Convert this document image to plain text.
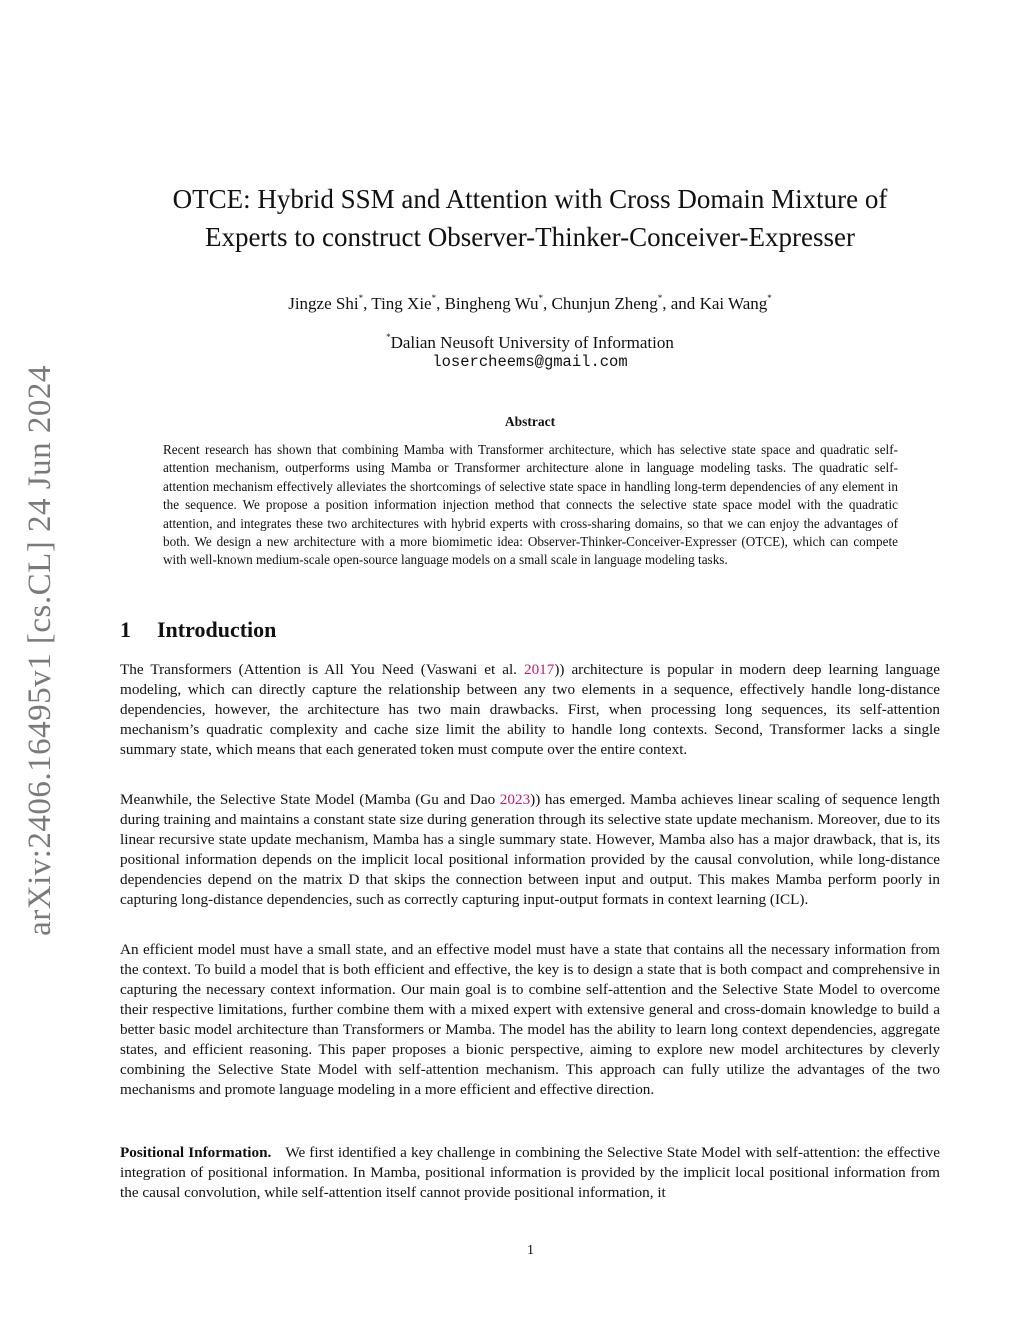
arXiv:2406.16495v1 [cs.CL] 24 Jun 2024
OTCE: Hybrid SSM and Attention with Cross Domain Mixture of
Experts to construct Observer-Thinker-Conceiver-Expresser
Jingze Shi*, Ting Xie*, Bingheng Wu*, Chunjun Zheng*, and Kai Wang*
*Dalian Neusoft University of Information
losercheems@gmail.com
Abstract

Recent research has shown that combining Mamba with Transformer architecture, which has selective state space and quadratic self-attention mechanism, outperforms using Mamba or Transformer architecture alone in language modeling tasks. The quadratic self-attention mechanism effectively alleviates the shortcomings of selective state space in handling long-term dependencies of any element in the sequence. We propose a position information injection method that connects the selective state space model with the quadratic attention, and integrates these two architectures with hybrid experts with cross-sharing domains, so that we can enjoy the advantages of both. We design a new architecture with a more biomimetic idea: Observer-Thinker-Conceiver-Expresser (OTCE), which can compete with well-known medium-scale open-source language models on a small scale in language modeling tasks.

1 Introduction

The Transformers (Attention is All You Need (Vaswani et al. 2017)) architecture is popular in modern deep learning language modeling, which can directly capture the relationship between any two elements in a sequence, effectively handle long-distance dependencies, however, the architecture has two main drawbacks. First, when processing long sequences, its self-attention mechanism’s quadratic complexity and cache size limit the ability to handle long contexts. Second, Transformer lacks a single summary state, which means that each generated token must compute over the entire context.

Meanwhile, the Selective State Model (Mamba (Gu and Dao 2023)) has emerged. Mamba achieves linear scaling of sequence length during training and maintains a constant state size during generation through its selective state update mechanism. Moreover, due to its linear recursive state update mechanism, Mamba has a single summary state. However, Mamba also has a major drawback, that is, its positional information depends on the implicit local positional information provided by the causal convolution, while long-distance dependencies depend on the matrix D that skips the connection between input and output. This makes Mamba perform poorly in capturing long-distance dependencies, such as correctly capturing input-output formats in context learning (ICL).

An efficient model must have a small state, and an effective model must have a state that contains all the necessary information from the context. To build a model that is both efficient and effective, the key is to design a state that is both compact and comprehensive in capturing the necessary context information. Our main goal is to combine self-attention and the Selective State Model to overcome their respective limitations, further combine them with a mixed expert with extensive general and cross-domain knowledge to build a better basic model architecture than Transformers or Mamba. The model has the ability to learn long context dependencies, aggregate states, and efficient reasoning. This paper proposes a bionic perspective, aiming to explore new model architectures by cleverly combining the Selective State Model with self-attention mechanism. This approach can fully utilize the advantages of the two mechanisms and promote language modeling in a more efficient and effective direction.

Positional Information. We first identified a key challenge in combining the Selective State Model with self-attention: the effective integration of positional information. In Mamba, positional information is provided by the implicit local positional information from the causal convolution, while self-attention itself cannot provide positional information, it

1
